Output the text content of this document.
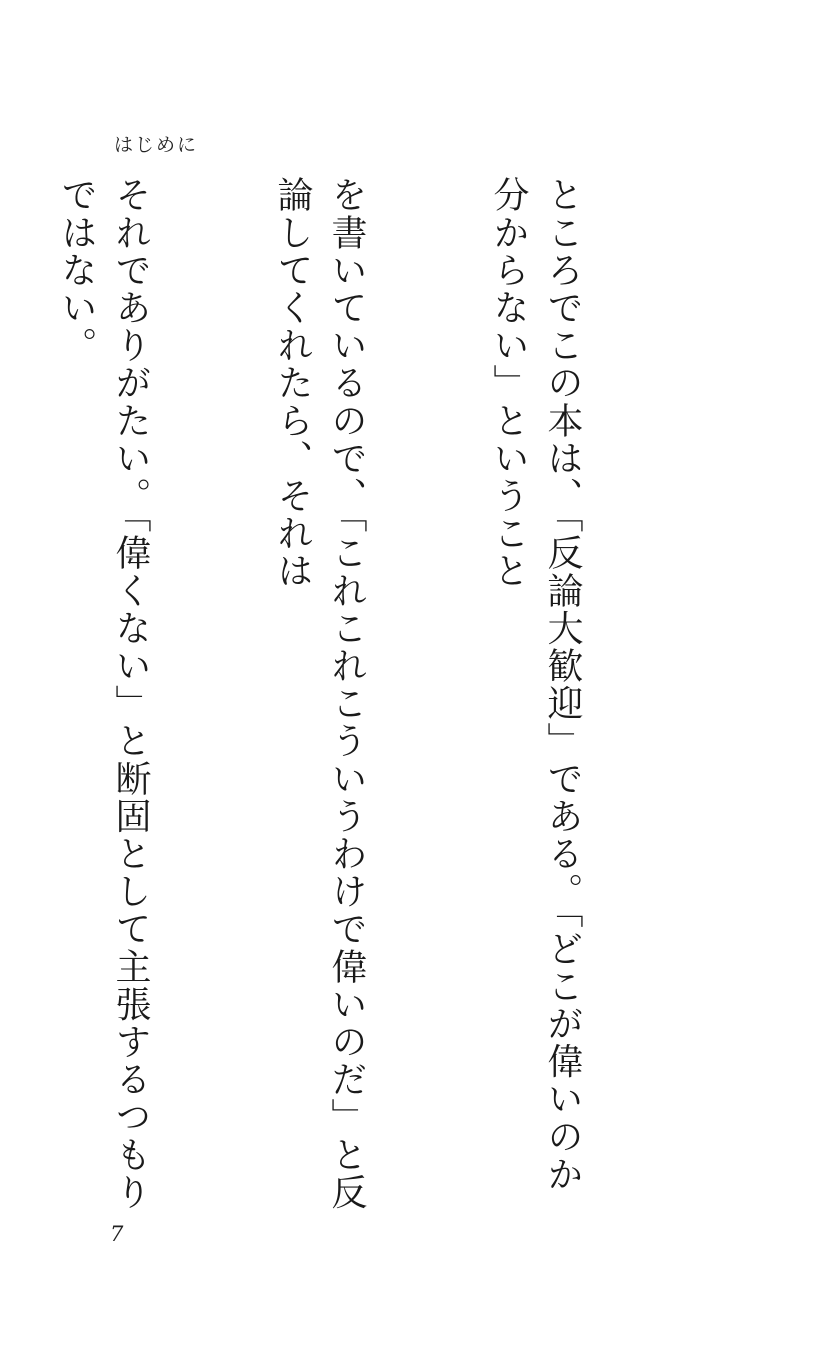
はじめに

ところでこの本は、「反論大歓迎」である。「どこが偉いのか分からない」ということ

を書いているので、「これこれこういうわけで偉いのだ」と反論してくれたら、それは

それでありがたい。「偉くない」と断固として主張するつもりではない。

7
